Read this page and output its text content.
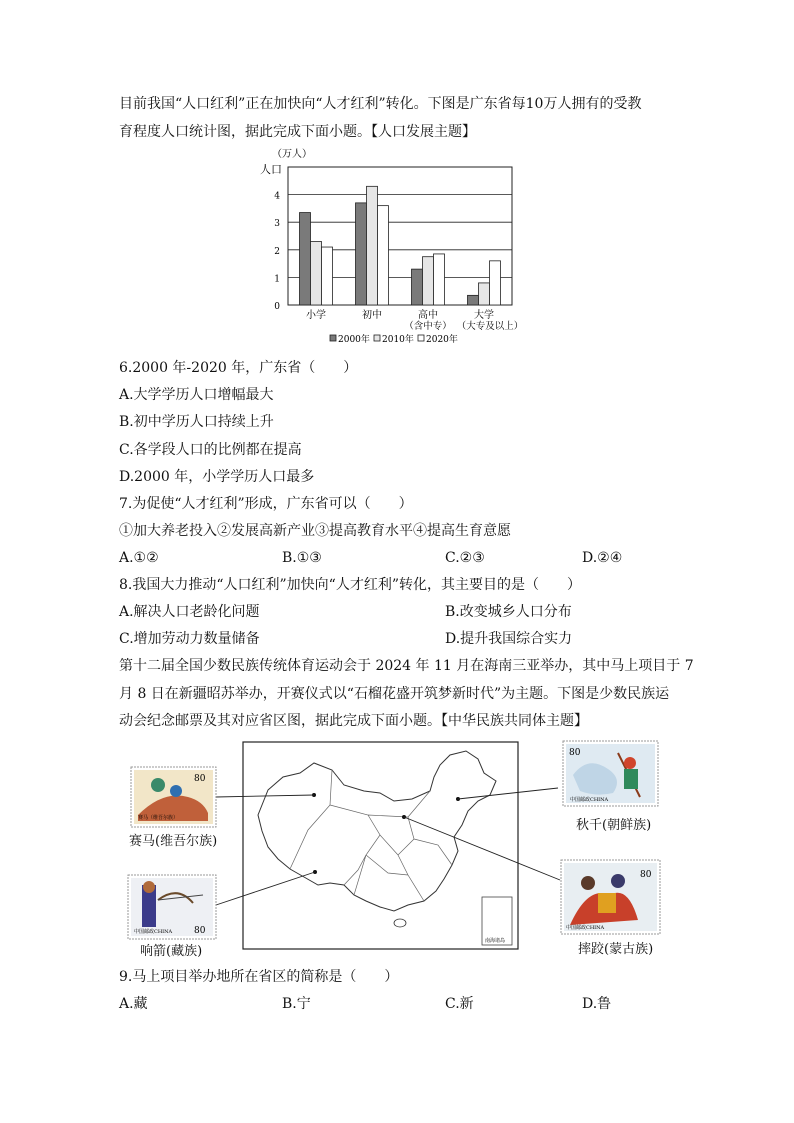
目前我国“人口红利”正在加快向“人才红利”转化。下图是广东省每10万人拥有的受教
育程度人口统计图，据此完成下面小题。【人口发展主题】
（万人）
人口
0
1
2
3
4
小学	初中	高中
（含中专）
大学
（大专及以上）
2000年 2010年 2020年
6.2000 年-2020 年，广东省（　　）
A.大学学历人口增幅最大
B.初中学历人口持续上升
C.各学段人口的比例都在提高
D.2000 年，小学学历人口最多
7.为促使“人才红利”形成，广东省可以（　　）
①加大养老投入②发展高新产业③提高教育水平④提高生育意愿
A.①②	B.①③	C.②③	D.②④
8.我国大力推动“人口红利”加快向“人才红利”转化，其主要目的是（　　）
A.解决人口老龄化问题	B.改变城乡人口分布
C.增加劳动力数量储备	D.提升我国综合实力
第十二届全国少数民族传统体育运动会于 2024 年 11 月在海南三亚举办，其中马上项目于 7
月 8 日在新疆昭苏举办，开赛仪式以“石榴花盛开筑梦新时代”为主题。下图是少数民族运
动会纪念邮票及其对应省区图，据此完成下面小题。【中华民族共同体主题】
南海诸岛
80
赛马（维吾尔族）
80
中国邮政CHINA
80
中国邮政CHINA
80
中国邮政CHINA
赛马(维吾尔族)
秋千(朝鲜族)
响箭(藏族)	摔跤(蒙古族)
9.马上项目举办地所在省区的简称是（　　）
A.藏	B.宁	C.新	D.鲁
